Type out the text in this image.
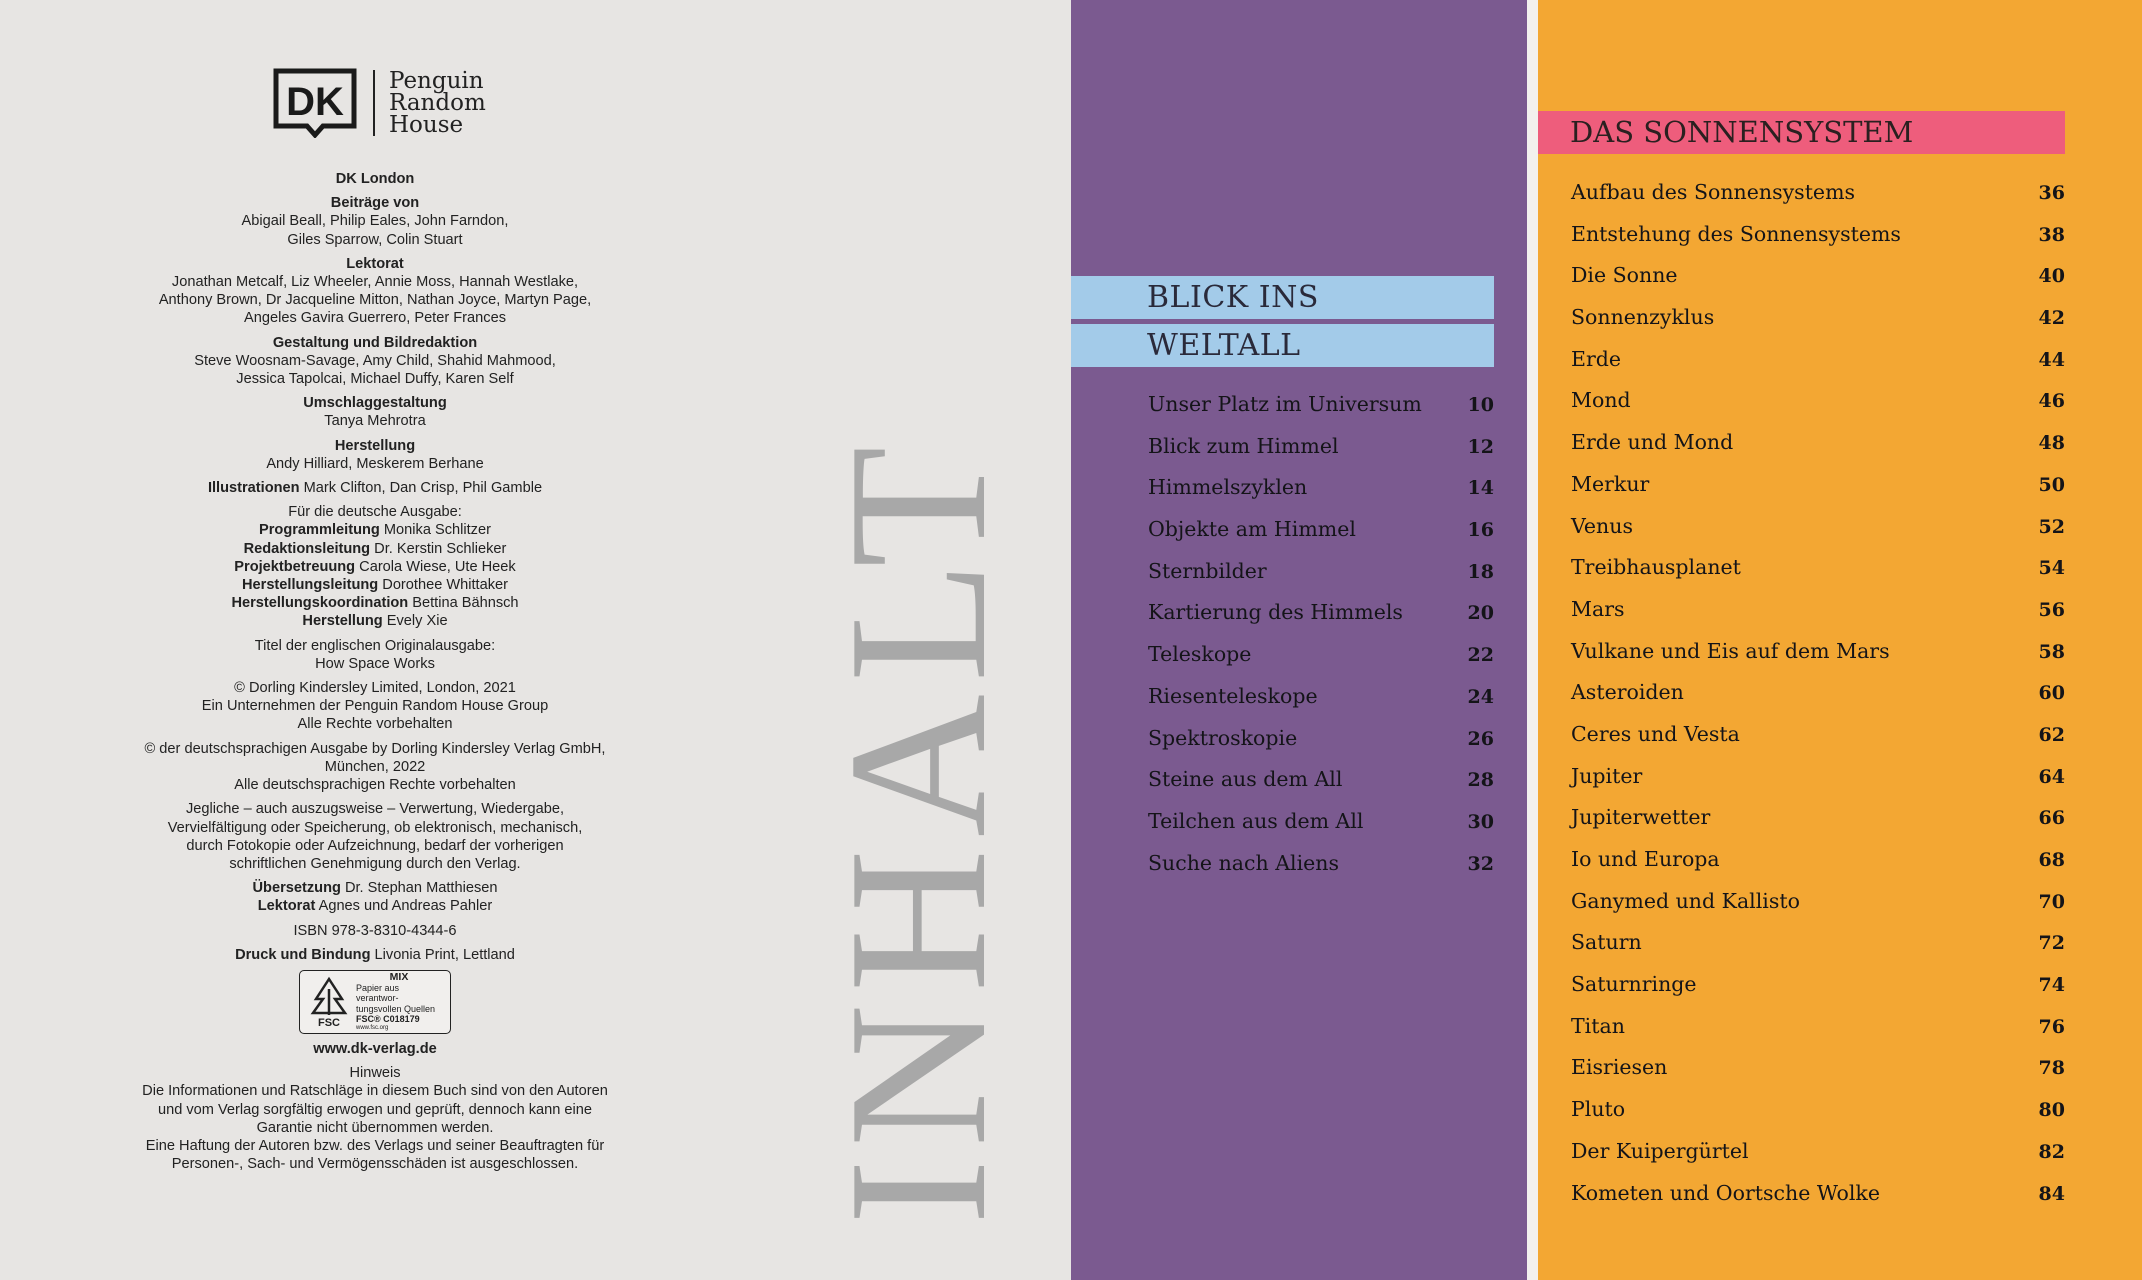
DK Penguin
Random
House
DK London
Beiträge von
Abigail Beall, Philip Eales, John Farndon,
Giles Sparrow, Colin Stuart
Lektorat
Jonathan Metcalf, Liz Wheeler, Annie Moss, Hannah Westlake,
Anthony Brown, Dr Jacqueline Mitton, Nathan Joyce, Martyn Page,
Angeles Gavira Guerrero, Peter Frances
Gestaltung und Bildredaktion
Steve Woosnam-Savage, Amy Child, Shahid Mahmood,
Jessica Tapolcai, Michael Duffy, Karen Self
Umschlaggestaltung
Tanya Mehrotra
Herstellung
Andy Hilliard, Meskerem Berhane
Illustrationen Mark Clifton, Dan Crisp, Phil Gamble
Für die deutsche Ausgabe:
Programmleitung Monika Schlitzer
Redaktionsleitung Dr. Kerstin Schlieker
Projektbetreuung Carola Wiese, Ute Heek
Herstellungsleitung Dorothee Whittaker
Herstellungskoordination Bettina Bähnsch
Herstellung Evely Xie
Titel der englischen Originalausgabe:
How Space Works
© Dorling Kindersley Limited, London, 2021
Ein Unternehmen der Penguin Random House Group
Alle Rechte vorbehalten
© der deutschsprachigen Ausgabe by Dorling Kindersley Verlag GmbH,
München, 2022
Alle deutschsprachigen Rechte vorbehalten
Jegliche – auch auszugsweise – Verwertung, Wiedergabe,
Vervielfältigung oder Speicherung, ob elektronisch, mechanisch,
durch Fotokopie oder Aufzeichnung, bedarf der vorherigen
schriftlichen Genehmigung durch den Verlag.
Übersetzung Dr. Stephan Matthiesen
Lektorat Agnes und Andreas Pahler
ISBN 978-3-8310-4344-6
Druck und Bindung Livonia Print, Lettland
FSC
MIX
Papier aus verantwor-
tungsvollen Quellen
FSC® C018179
www.fsc.org
www.dk-verlag.de
Hinweis
Die Informationen und Ratschläge in diesem Buch sind von den Autoren
und vom Verlag sorgfältig erwogen und geprüft, dennoch kann eine
Garantie nicht übernommen werden.
Eine Haftung der Autoren bzw. des Verlags und seiner Beauftragten für
Personen-, Sach- und Vermögensschäden ist ausgeschlossen. INHALT
BLICK INS
WELTALL
Unser Platz im Universum 10
Blick zum Himmel	12
Himmelszyklen	14
Objekte am Himmel	16
Sternbilder	18
Kartierung des Himmels	20
Teleskope	22
Riesenteleskope	24
Spektroskopie	26
Steine aus dem All	28
Teilchen aus dem All	30
Suche nach Aliens	32
DAS SONNENSYSTEM
Aufbau des Sonnensystems	36
Entstehung des Sonnensystems	38
Die Sonne	40
Sonnenzyklus	42
Erde	44
Mond	46
Erde und Mond	48
Merkur	50
Venus	52
Treibhausplanet	54
Mars	56
Vulkane und Eis auf dem Mars	58
Asteroiden	60
Ceres und Vesta	62
Jupiter	64
Jupiterwetter	66
Io und Europa	68
Ganymed und Kallisto	70
Saturn	72
Saturnringe	74
Titan	76
Eisriesen	78
Pluto	80
Der Kuipergürtel	82
Kometen und Oortsche Wolke	84
